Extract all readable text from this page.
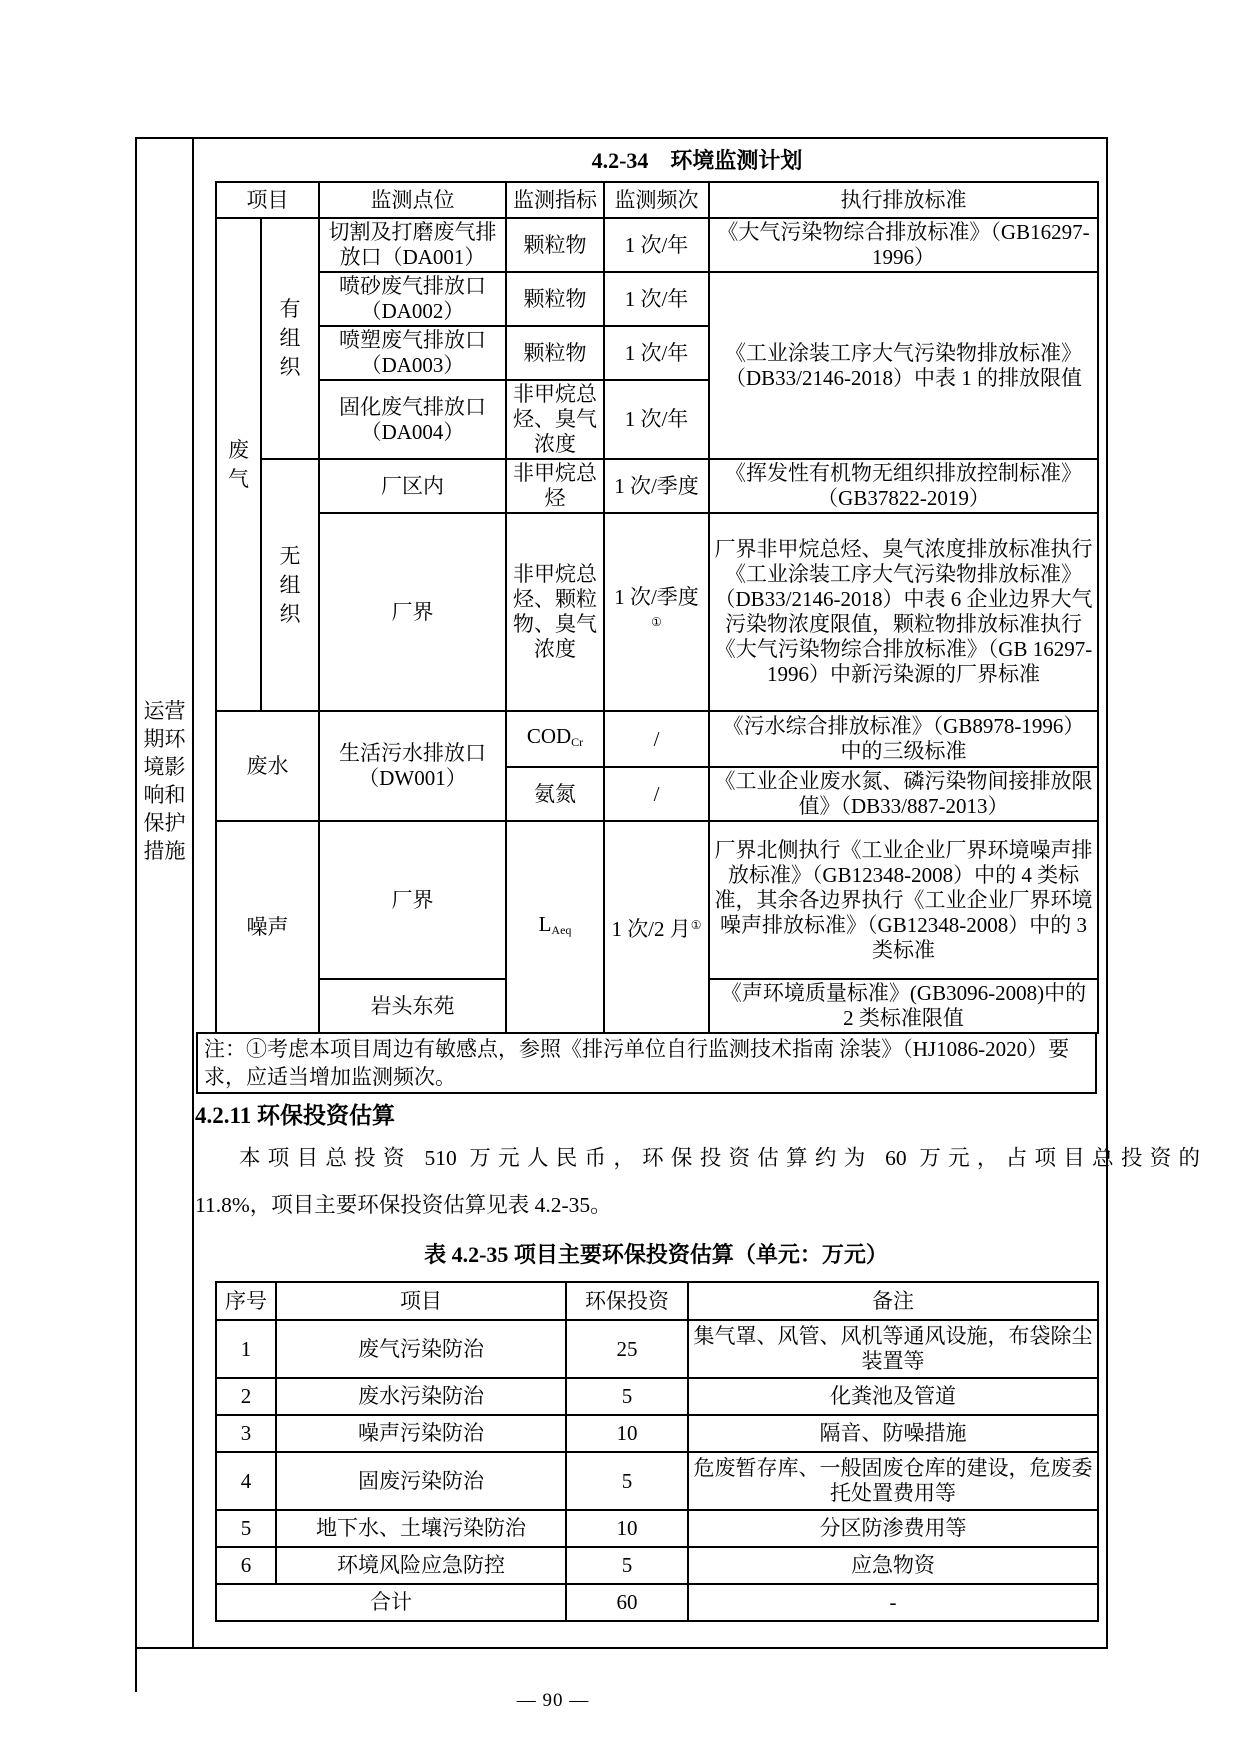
运营期环境影响和保护措施
4.2-34　环境监测计划
项目		监测点位	监测指标	监测频次	执行排放标准
废气	有组织	切割及打磨废气排放口（DA001）	颗粒物	1 次/年	《大气污染物综合排放标准》（GB16297-1996）
		喷砂废气排放口（DA002）	颗粒物	1 次/年	《工业涂装工序大气污染物排放标准》（DB33/2146-2018）中表 1 的排放限值
		喷塑废气排放口（DA003）	颗粒物	1 次/年	
		固化废气排放口（DA004）	非甲烷总烃、臭气浓度	1 次/年	
	无组织	厂区内	非甲烷总烃	1 次/季度	《挥发性有机物无组织排放控制标准》（GB37822-2019）
		厂界	非甲烷总烃、颗粒物、臭气浓度	1 次/季度①	厂界非甲烷总烃、臭气浓度排放标准执行《工业涂装工序大气污染物排放标准》（DB33/2146-2018）中表 6 企业边界大气污染物浓度限值，颗粒物排放标准执行《大气污染物综合排放标准》（GB 16297-1996）中新污染源的厂界标准
废水		生活污水排放口（DW001）	$COD_{Cr}$	/	《污水综合排放标准》（GB8978-1996）中的三级标准
			氨氮	/	《工业企业废水氮、磷污染物间接排放限值》（DB33/887-2013）
噪声		厂界	$L_{Aeq}$	1 次/2 月①	厂界北侧执行《工业企业厂界环境噪声排放标准》（GB12348-2008）中的 4 类标准，其余各边界执行《工业企业厂界环境噪声排放标准》（GB12348-2008）中的 3 类标准
		岩头东苑			《声环境质量标准》(GB3096-2008)中的 2 类标准限值
注：①考虑本项目周边有敏感点，参照《排污单位自行监测技术指南 涂装》（HJ1086-2020）要求，应适当增加监测频次。
4.2.11 环保投资估算
本项目总投资 510 万元人民币，环保投资估算约为 60 万元，占项目总投资的
11.8%，项目主要环保投资估算见表 4.2-35。
表 4.2-35 项目主要环保投资估算（单元：万元）
序号	项目	环保投资	备注
1	废气污染防治	25	集气罩、风管、风机等通风设施，布袋除尘装置等
2	废水污染防治	5	化粪池及管道
3	噪声污染防治	10	隔音、防噪措施
4	固废污染防治	5	危废暂存库、一般固废仓库的建设，危废委托处置费用等
5	地下水、土壤污染防治	10	分区防渗费用等
6	环境风险应急防控	5	应急物资
合计		60	-
— 90 —
